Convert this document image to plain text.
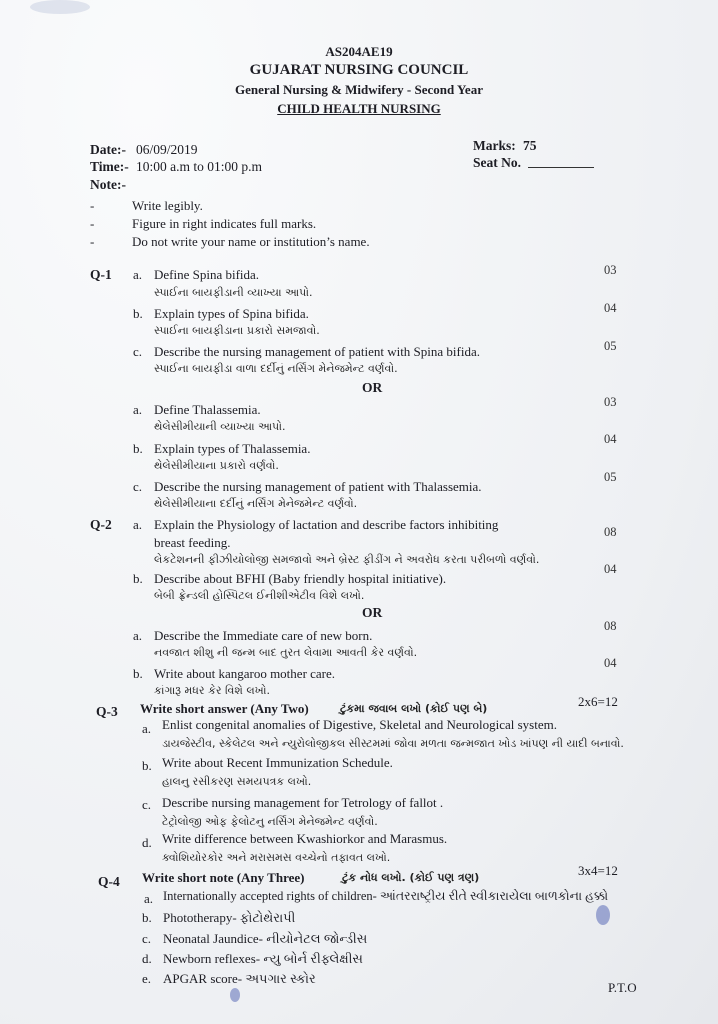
AS204AE19
GUJARAT NURSING COUNCIL
General Nursing & Midwifery - Second Year
CHILD HEALTH NURSING
Date:- 06/09/2019
Time:- 10:00 a.m to 01:00 p.m
Note:-
Marks: 75
Seat No.
-	Write legibly.
-	Figure in right indicates full marks.
-	Do not write your name or institution’s name.
Q-1 a. Define Spina bifida.
સ્પાઈના બાયફીડાની વ્યાખ્યા આપો.
03
b. Explain types of Spina bifida.
સ્પાઈના બાયફીડાના પ્રકારો સમજાવો.
04
c. Describe the nursing management of patient with Spina bifida.
સ્પાઈના બાયફીડા વાળા દર્દીનું નર્સિંગ મેનેજમેન્ટ વર્ણવો.
05
OR
a. Define Thalassemia.
થેલેસીમીયાની વ્યાખ્યા આપો.
03
b. Explain types of Thalassemia.
થેલેસીમીયાના પ્રકારો વર્ણવો.
04
c. Describe the nursing management of patient with Thalassemia.
થેલેસીમીયાના દર્દીનું નર્સિંગ મેનેજમેન્ટ વર્ણવો.
05
Q-2 a. Explain the Physiology of lactation and describe factors inhibiting
breast feeding.
લેકટેશનની ફીઝીયોલોજી સમજાવો અને બ્રેસ્ટ ફીડીંગ ને અવરોધ કરતા પરીબળો વર્ણવો.
08
b. Describe about BFHI (Baby friendly hospital initiative).
બેબી ફ્રેન્ડલી હોસ્પિટલ ઈનીશીએટીવ વિશે લખો.
04
OR
a. Describe the Immediate care of new born.
નવજાત શીશુ ની જન્મ બાદ તુરત લેવામા આવતી કેર વર્ણવો.
08
b. Write about kangaroo mother care.
કાંગારૂ મધર કેર વિશે લખો.
04
Q-3 Write short answer (Any Two)	ટુંકમા જવાબ લખો (કોઈ પણ બે)	2x6=12
a. Enlist congenital anomalies of Digestive, Skeletal and Neurological system.
ડાયજેસ્ટીવ, સ્કેલેટલ અને ન્યુરોલોજીકલ સીસ્ટમમાં જોવા મળતા જન્મજાત ખોડ ખાંપણ ની યાદી બનાવો.
b. Write about Recent Immunization Schedule.
હાલનુ રસીકરણ સમયપત્રક લખો.
c. Describe nursing management for Tetrology of fallot .
ટેટ્રોલોજી ઓફ ફેલોટનુ નર્સિંગ મેનેજમેન્ટ વર્ણવો.
d. Write difference between Kwashiorkor and Marasmus.
ક્વોશિયોરકોર અને મરાસમસ વચ્ચેનો તફાવત લખો.
Q-4 Write short note (Any Three)	ટુંક નોધ લખો. (કોઈ પણ ત્રણ)	3x4=12
a. Internationally accepted rights of children- આંતરરાષ્ટ્રીય રીતે સ્વીકારાયેલા બાળકોના હક્કો
b. Phototherapy- ફોટોથેરાપી
c. Neonatal Jaundice- નીયોનેટલ જોન્ડીસ
d. Newborn reflexes- ન્યુ બોર્ન રીફ્લેક્ષીસ
e. APGAR score- અપગાર સ્કોર
P.T.O
